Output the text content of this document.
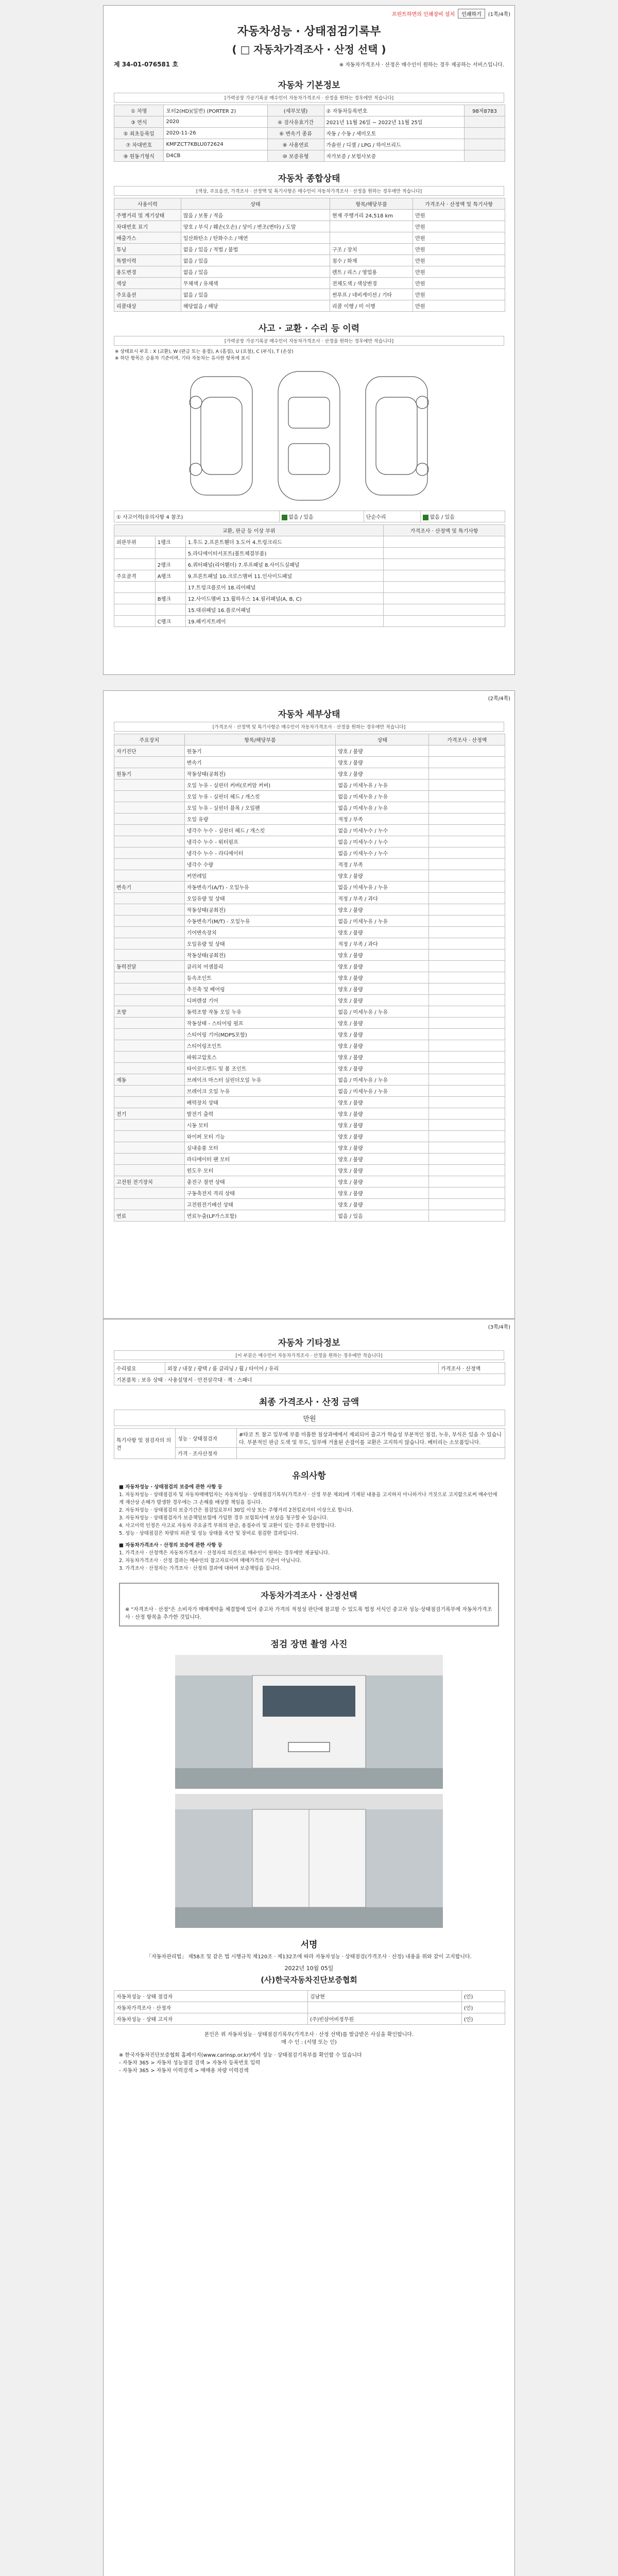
프린트하면의 인쇄장비 설치	인쇄하기	(1쪽/4쪽)
자동차성능 · 상태점검기록부
( □ 자동차가격조사 · 산정 선택 )
제 34-01-076581 호	※ 자동차가격조사 · 산정은 매수인이 원하는 경우 제공하는 서비스입니다.
자동차 기본정보
[가력공장 가공기록공 매수인이 자동차가격조사 · 산정을 원하는 경우에만 적습니다]
① 차명	포터2(HD)(일반) (PORTER 2)	(세부모델)	② 자동차등록번호	98저8783
③ 연식	2020	④ 검사유효기간	2021년 11월 26일 ~ 2022년 11월 25일	
⑤ 최초등록일	2020-11-26	⑥ 변속기 종류	자동 / 수동 / 세미오토	
⑦ 차대번호	KMFZCT7KBLU072624	⑧ 사용연료	가솔린 / 디젤 / LPG / 하이브리드	
⑨ 원동기형식	D4CB	⑩ 보증유형	자가보증 / 보험사보증	
자동차 종합상태
[색상, 주요옵션, 가격조사 · 산정액 및 특기사항은 매수인이 자동차가격조사 · 산정을 원하는 경우에만 적습니다]
사용이력	상태	항목/해당부품	가격조사 · 산정액 및 특기사항
주행거리 및 계기상태	많음 / 보통 / 적음	현재 주행거리 24,518 km	만원
차대번호 표기	양호 / 부식 / 훼손(오손) / 상이 / 변조(변타) / 도말		만원
배출가스	일산화탄소 / 탄화수소 / 매연		만원
튜닝	없음 / 있음 / 적법 / 불법	구조 / 장치	만원
특별이력	없음 / 있음	침수 / 화재	만원
용도변경	없음 / 있음	렌트 / 리스 / 영업용	만원
색상	무채색 / 유채색	전체도색 / 색상변경	만원
주요옵션	없음 / 있음	썬루프 / 네비게이션 / 기타	만원
리콜대상	해당없음 / 해당	리콜 이행 / 미 이행	만원
사고 · 교환 · 수리 등 이력
[가력공장 가공기록공 매수인이 자동차가격조사 · 산정을 원하는 경우에만 적습니다]
※ 상태표시 부호 : X (교환), W (판금 또는 용접), A (흠집), U (요철), C (부식), T (손상)
※ 하단 항목은 승용차 기준이며, 기타 자동차는 유사한 항목에 표시
① 사고이력(유의사항 4 참조)	없음 / 있음	단순수리	없음 / 있음
교환, 판금 등 이상 부위			가격조사 · 산정액 및 특기사항
외판부위	1랭크	1.후드 2.프론트휀더 3.도어 4.트렁크리드	
		5.라디에이터서포트(볼트체결부품)	
	2랭크	6.쿼터패널(리어휀더) 7.루프패널 8.사이드실패널	
주요골격	A랭크	9.프론트패널 10.크로스멤버 11.인사이드패널	
		17.트렁크플로어 18.리어패널	
	B랭크	12.사이드멤버 13.휠하우스 14.필러패널(A, B, C)	
		15.대쉬패널 16.플로어패널	
	C랭크	19.패키지트레이	
(2쪽/4쪽)
자동차 세부상태
[가격조사 · 산정액 및 특기사항은 매수인이 자동차가격조사 · 산정을 원하는 경우에만 적습니다]
주요장치	항목/해당부품	상태	가격조사 · 산정액
자기진단	원동기	양호 / 불량	
	변속기	양호 / 불량	
원동기	작동상태(공회전)	양호 / 불량	
	오일 누유 - 실린더 커버(로커암 커버)	없음 / 미세누유 / 누유	
	오일 누유 - 실린더 헤드 / 개스킷	없음 / 미세누유 / 누유	
	오일 누유 - 실린더 블록 / 오일팬	없음 / 미세누유 / 누유	
	오일 유량	적정 / 부족	
	냉각수 누수 - 실린더 헤드 / 개스킷	없음 / 미세누수 / 누수	
	냉각수 누수 - 워터펌프	없음 / 미세누수 / 누수	
	냉각수 누수 - 라디에이터	없음 / 미세누수 / 누수	
	냉각수 수량	적정 / 부족	
	커먼레일	양호 / 불량	
변속기	자동변속기(A/T) - 오일누유	없음 / 미세누유 / 누유	
	오일유량 및 상태	적정 / 부족 / 과다	
	작동상태(공회전)	양호 / 불량	
	수동변속기(M/T) - 오일누유	없음 / 미세누유 / 누유	
	기어변속장치	양호 / 불량	
	오일유량 및 상태	적정 / 부족 / 과다	
	작동상태(공회전)	양호 / 불량	
동력전달	클러치 어셈블리	양호 / 불량	
	등속조인트	양호 / 불량	
	추진축 및 베어링	양호 / 불량	
	디퍼렌셜 기어	양호 / 불량	
조향	동력조향 작동 오일 누유	없음 / 미세누유 / 누유	
	작동상태 - 스티어링 펌프	양호 / 불량	
	스티어링 기어(MDPS포함)	양호 / 불량	
	스티어링조인트	양호 / 불량	
	파워고압호스	양호 / 불량	
	타이로드엔드 및 볼 조인트	양호 / 불량	
제동	브레이크 마스터 실린더오일 누유	없음 / 미세누유 / 누유	
	브레이크 오일 누유	없음 / 미세누유 / 누유	
	배력장치 상태	양호 / 불량	
전기	발전기 출력	양호 / 불량	
	시동 모터	양호 / 불량	
	와이퍼 모터 기능	양호 / 불량	
	실내송풍 모터	양호 / 불량	
	라디에이터 팬 모터	양호 / 불량	
	윈도우 모터	양호 / 불량	
고전원 전기장치	충전구 절연 상태	양호 / 불량	
	구동축전지 격리 상태	양호 / 불량	
	고전원전기배선 상태	양호 / 불량	
연료	연료누출(LP가스포함)	없음 / 있음	
(3쪽/4쪽)
자동차 기타정보
[이 부분은 매수인이 자동차가격조사 · 산정을 원하는 경우에만 적습니다]
수리필요	외장 / 내장 / 광택 / 룸 클리닝 / 휠 / 타이어 / 유리	가격조사 · 산정액
기본품목 : 보유 상태 · 사용설명서 · 안전삼각대 · 잭 · 스패너
최종 가격조사 · 산정 금액
만원
특기사항 및 점검자의 의견	성능 · 상태점검자	#타코 트 참고 일부에 부품 미흡한 침상과에에서 제외되어 출고가 학습성 부분적인 점검, 누유, 부식은 있을 수 있습니다. 부분적인 판금 도색 및 부도, 일부에 거울된 손잡이를 교환은 고지하지 않습니다. 배터리는 소모품입니다.
	가격 · 조사산정자	
유의사항
■ 자동차성능 · 상태점검의 보증에 관한 사항 등
1. 자동차성능 · 상태점검자 및 자동차매매업자는 자동차성능 · 상태점검기록부(가격조사 · 산정 부분 제외)에 기재된 내용을 고지하지 아니하거나 거짓으로 고지함으로써 매수인에게 재산상 손해가 발생한 경우에는 그 손해를 배상할 책임을 집니다.
2. 자동차성능 · 상태점검의 보증기간은 점검일로부터 30일 이상 또는 주행거리 2천킬로미터 이상으로 합니다.
3. 자동차성능 · 상태점검자가 보증책임보험에 가입한 경우 보험회사에 보상을 청구할 수 있습니다.
4. 사고이력 인정은 사고로 자동차 주요골격 부위의 판금, 용접수리 및 교환이 있는 경우로 한정합니다.
5. 성능 · 상태점검은 차량의 외관 및 성능 상태를 육안 및 장비로 점검한 결과입니다.
■ 자동차가격조사 · 산정의 보증에 관한 사항 등
1. 가격조사 · 산정액은 자동차가격조사 · 산정자의 의견으로 매수인이 원하는 경우에만 제공됩니다.
2. 자동차가격조사 · 산정 결과는 매수인의 참고자료이며 매매가격의 기준이 아닙니다.
3. 가격조사 · 산정자는 가격조사 · 산정의 결과에 대하여 보증책임을 집니다.
자동차가격조사 · 산정선택
※ "자격조사 · 산정"은 소비자가 매매계약을 체결함에 있어 중고차 가격의 적정성 판단에 참고할 수 있도록 법정 서식인 중고차 성능·상태점검기록부에 자동차가격조사 · 산정 항목을 추가한 것입니다.
점검 장면 촬영 사진
서명
「자동차관리법」 제58조 및 같은 법 시행규칙 제120조 · 제132조에 따라 자동차성능 · 상태점검(가격조사 · 산정) 내용을 위와 같이 고지합니다.
2022년 10월 05일
(사)한국자동차진단보증협회
자동차성능 · 상태 점검자	김남현	(인)
자동차가격조사 · 산정자		(인)
자동차성능 · 상태 고지자	(주)빈삼어비정무원	(인)
본인은 위 자동차성능 · 상태점검기록부(가격조사 · 산정 선택)를 발급받은 사실을 확인합니다.
매 수 인 : (서명 또는 인)
※ 한국자동차진단보증협회 홈페이지(www.carinsp.or.kr)에서 성능 · 상태점검기록부를 확인할 수 있습니다
- 자동차 365 > 자동차 성능점검 검색 > 자동차 등록번호 입력
- 자동차 365 > 자동차 이력검색 > 매매용 차량 이력검색
